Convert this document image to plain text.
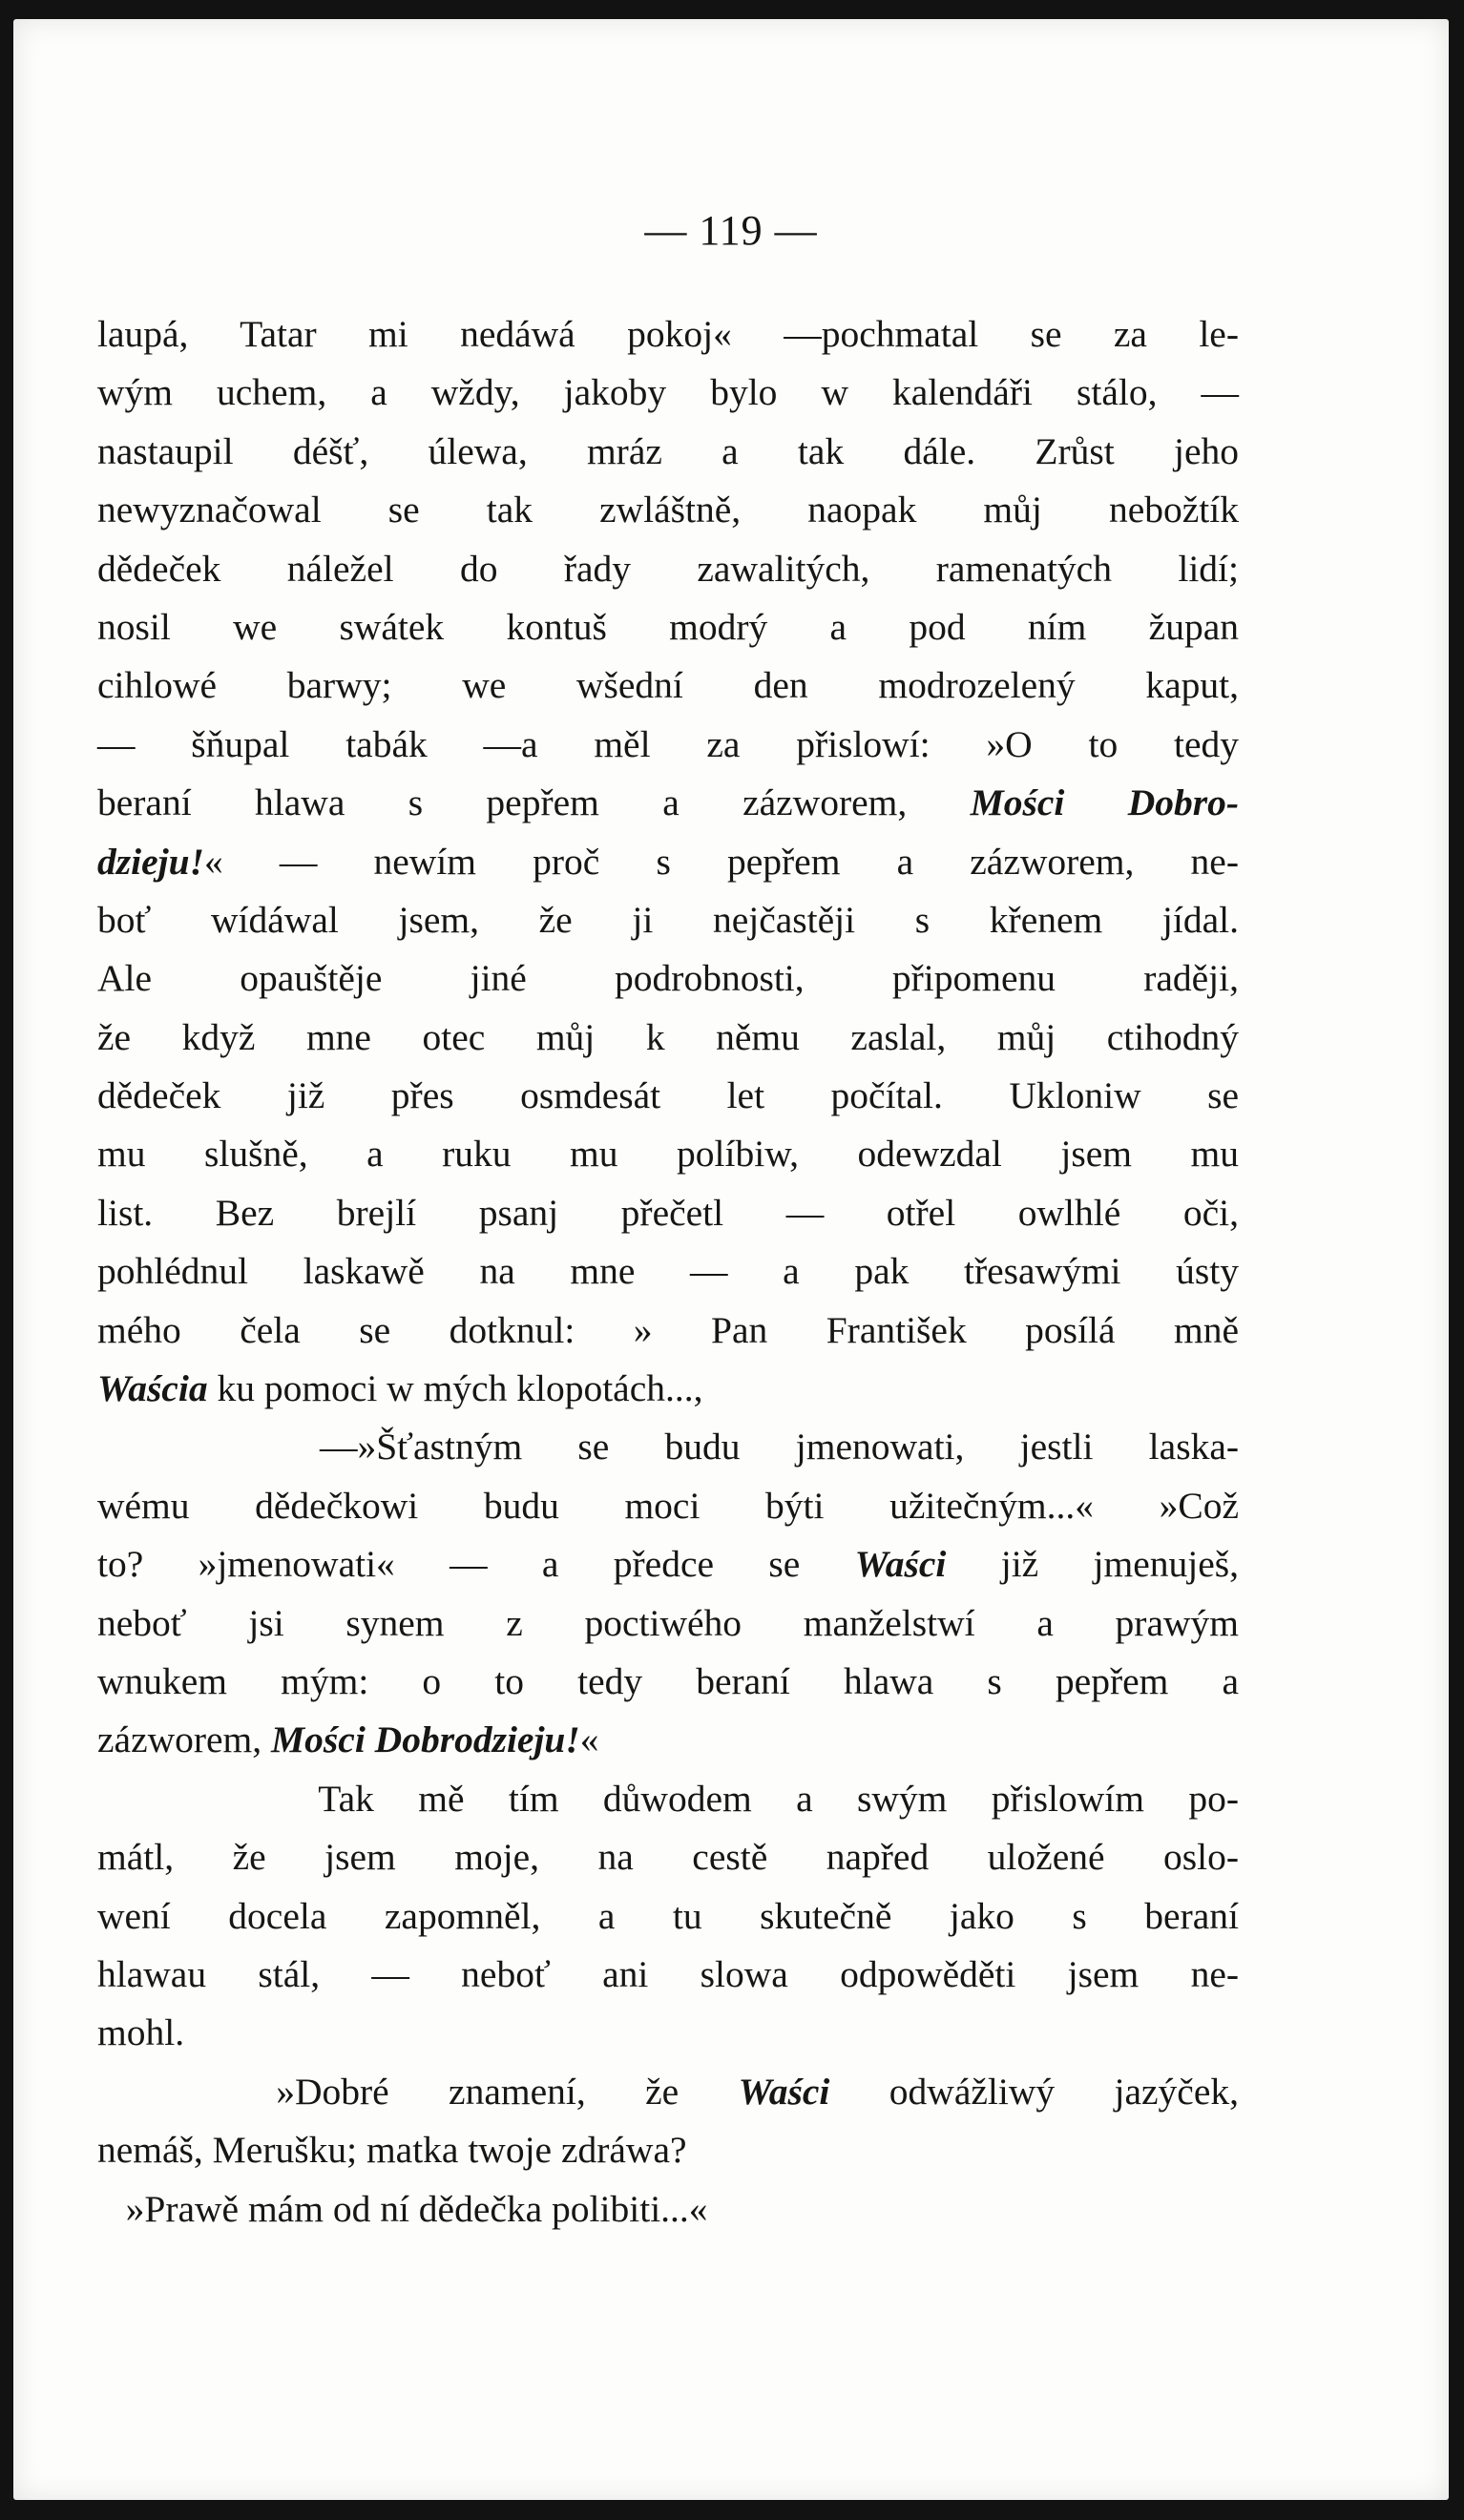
— 119 —
laupá, Tatar mi nedáwá pokoj« —pochmatal se za le-
wým uchem, a wždy, jakoby bylo w kalendáři stálo, —
nastaupil déšť, úlewa, mráz a tak dále. Zrůst jeho
newyznačowal se tak zwláštně, naopak můj nebožtík
dědeček náležel do řady zawalitých, ramenatých lidí;
nosil we swátek kontuš modrý a pod ním župan
cihlowé barwy; we wšední den modrozelený kaput,
— šňupal tabák —a měl za přislowí: »O to tedy
beraní hlawa s pepřem a zázworem, Mości Dobro-
dzieju!« — newím proč s pepřem a zázworem, ne-
boť wídáwal jsem, že ji nejčastěji s křenem jídal.
Ale opauštěje jiné podrobnosti, připomenu raději,
že když mne otec můj k němu zaslal, můj ctihodný
dědeček již přes osmdesát let počítal. Ukloniw se
mu slušně, a ruku mu políbiw, odewzdal jsem mu
list. Bez brejlí psanj přečetl — otřel owlhlé oči,
pohlédnul laskawě na mne — a pak třesawými ústy
mého čela se dotknul: » Pan František posílá mně
Waścia ku pomoci w mých klopotách...,
—»Šťastným se budu jmenowati, jestli laska-
wému dědečkowi budu moci býti užitečným...« »Což
to? »jmenowati« — a předce se Waści již jmenuješ,
neboť jsi synem z poctiwého manželstwí a prawým
wnukem mým: o to tedy beraní hlawa s pepřem a
zázworem, Mości Dobrodzieju!«
Tak mě tím důwodem a swým přislowím po-
mátl, že jsem moje, na cestě napřed uložené oslo-
wení docela zapomněl, a tu skutečně jako s beraní
hlawau stál, — neboť ani slowa odpowěděti jsem ne-
mohl.
»Dobré znamení, že Waści odwážliwý jazýček,
nemáš, Merušku; matka twoje zdráwa?
»Prawě mám od ní dědečka polibiti...«
